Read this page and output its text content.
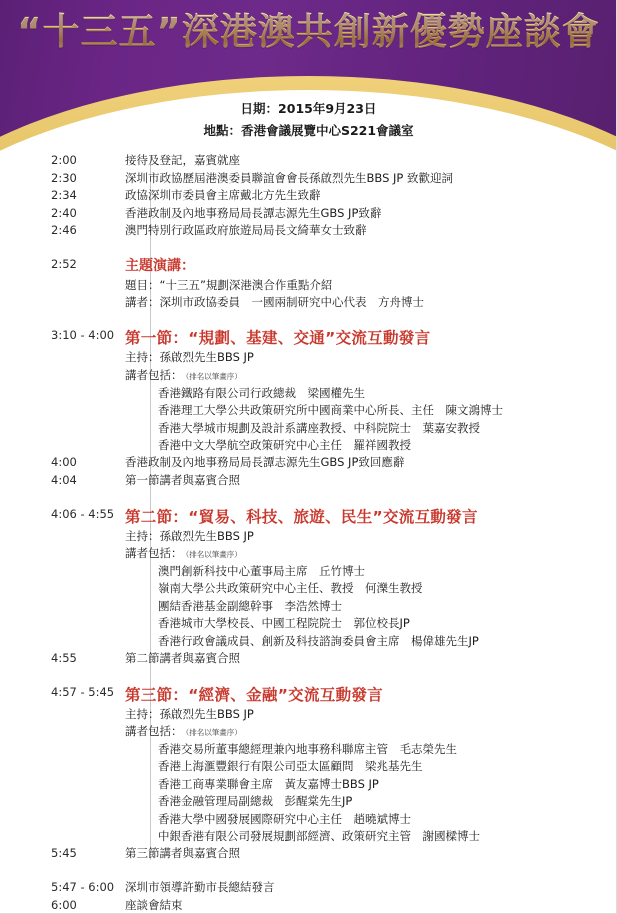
“十三五”深港澳共創新優勢座談會
日期：2015年9月23日
地點：香港會議展覽中心S221會議室
2:00	接待及登記，嘉賓就座
2:30	深圳市政協歷屆港澳委員聯誼會會長孫啟烈先生BBS JP 致歡迎詞
2:34	政協深圳市委員會主席戴北方先生致辭
2:40	香港政制及內地事務局局長譚志源先生GBS JP致辭
2:46	澳門特別行政區政府旅遊局局長文綺華女士致辭
2:52	主題演講：
題目：“十三五”規劃深港澳合作重點介紹
講者：深圳市政協委員　一國兩制研究中心代表　方舟博士
3:10 - 4:00 第一節：“規劃、基建、交通”交流互動發言
主持：孫啟烈先生BBS JP
講者包括： （排名以筆畫序）
香港鐵路有限公司行政總裁　梁國權先生
香港理工大學公共政策研究所中國商業中心所長、主任　陳文鴻博士
香港大學城市規劃及設計系講座教授、中科院院士　葉嘉安教授
香港中文大學航空政策研究中心主任　羅祥國教授
4:00	香港政制及內地事務局局長譚志源先生GBS JP致回應辭
4:04	第一節講者與嘉賓合照
4:06 - 4:55 第二節：“貿易、科技、旅遊、民生”交流互動發言
主持：孫啟烈先生BBS JP
講者包括： （排名以筆畫序）
澳門創新科技中心董事局主席　丘竹博士
嶺南大學公共政策研究中心主任、教授　何濼生教授
團結香港基金副總幹事　李浩然博士
香港城市大學校長、中國工程院院士　郭位校長JP
香港行政會議成員、創新及科技諮詢委員會主席　楊偉雄先生JP
4:55	第二節講者與嘉賓合照
4:57 - 5:45 第三節：“經濟、金融”交流互動發言
主持：孫啟烈先生BBS JP
講者包括： （排名以筆畫序）
香港交易所董事總經理兼內地事務科聯席主管　毛志榮先生
香港上海滙豐銀行有限公司亞太區顧問　梁兆基先生
香港工商專業聯會主席　黃友嘉博士BBS JP
香港金融管理局副總裁　彭醒棠先生JP
香港大學中國發展國際研究中心主任　趙曉斌博士
中銀香港有限公司發展規劃部經濟、政策研究主管　謝國樑博士
5:45	第三節講者與嘉賓合照
5:47 - 6:00 深圳市領導許勤市長總結發言
6:00	座談會結束
